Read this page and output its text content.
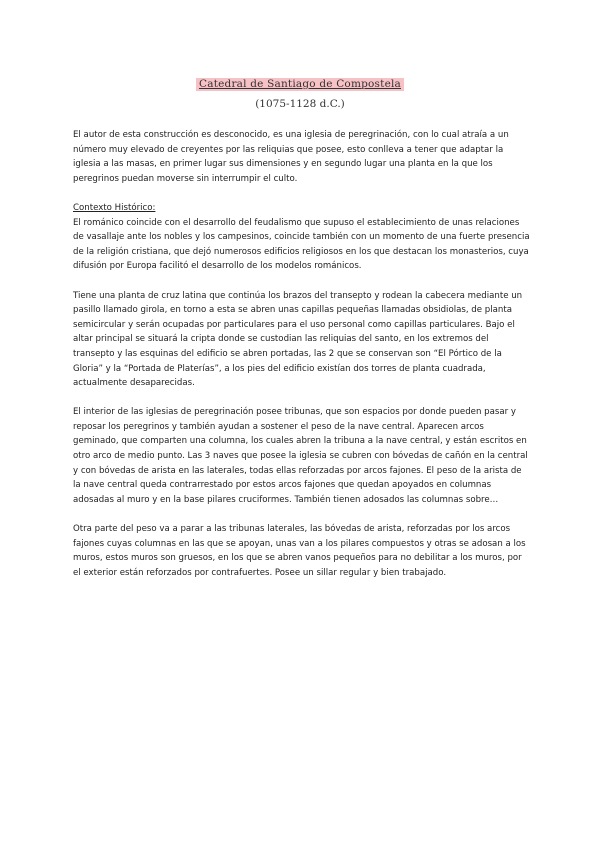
Catedral de Santiago de Compostela
(1075-1128 d.C.)

El autor de esta construcción es desconocido, es una iglesia de peregrinación, con lo cual atraía a un número muy elevado de creyentes por las reliquias que posee, esto conlleva a tener que adaptar la iglesia a las masas, en primer lugar sus dimensiones y en segundo lugar una planta en la que los peregrinos puedan moverse sin interrumpir el culto.

Contexto Histórico:
El románico coincide con el desarrollo del feudalismo que supuso el establecimiento de unas relaciones de vasallaje ante los nobles y los campesinos, coincide también con un momento de una fuerte presencia de la religión cristiana, que dejó numerosos edificios religiosos en los que destacan los monasterios, cuya difusión por Europa facilitó el desarrollo de los modelos románicos.

Tiene una planta de cruz latina que continúa los brazos del transepto y rodean la cabecera mediante un pasillo llamado girola, en torno a esta se abren unas capillas pequeñas llamadas obsidiolas, de planta semicircular y serán ocupadas por particulares para el uso personal como capillas particulares. Bajo el altar principal se situará la cripta donde se custodian las reliquias del santo, en los extremos del transepto y las esquinas del edificio se abren portadas, las 2 que se conservan son “El Pórtico de la Gloria” y la “Portada de Platerías”, a los pies del edificio existían dos torres de planta cuadrada, actualmente desaparecidas.

El interior de las iglesias de peregrinación posee tribunas, que son espacios por donde pueden pasar y reposar los peregrinos y también ayudan a sostener el peso de la nave central. Aparecen arcos geminado, que comparten una columna, los cuales abren la tribuna a la nave central, y están escritos en otro arco de medio punto. Las 3 naves que posee la iglesia se cubren con bóvedas de cañón en la central y con bóvedas de arista en las laterales, todas ellas reforzadas por arcos fajones. El peso de la arista de la nave central queda contrarrestado por estos arcos fajones que quedan apoyados en columnas adosadas al muro y en la base pilares cruciformes. También tienen adosados las columnas sobre…

Otra parte del peso va a parar a las tribunas laterales, las bóvedas de arista, reforzadas por los arcos fajones cuyas columnas en las que se apoyan, unas van a los pilares compuestos y otras se adosan a los muros, estos muros son gruesos, en los que se abren vanos pequeños para no debilitar a los muros, por el exterior están reforzados por contrafuertes. Posee un sillar regular y bien trabajado.
